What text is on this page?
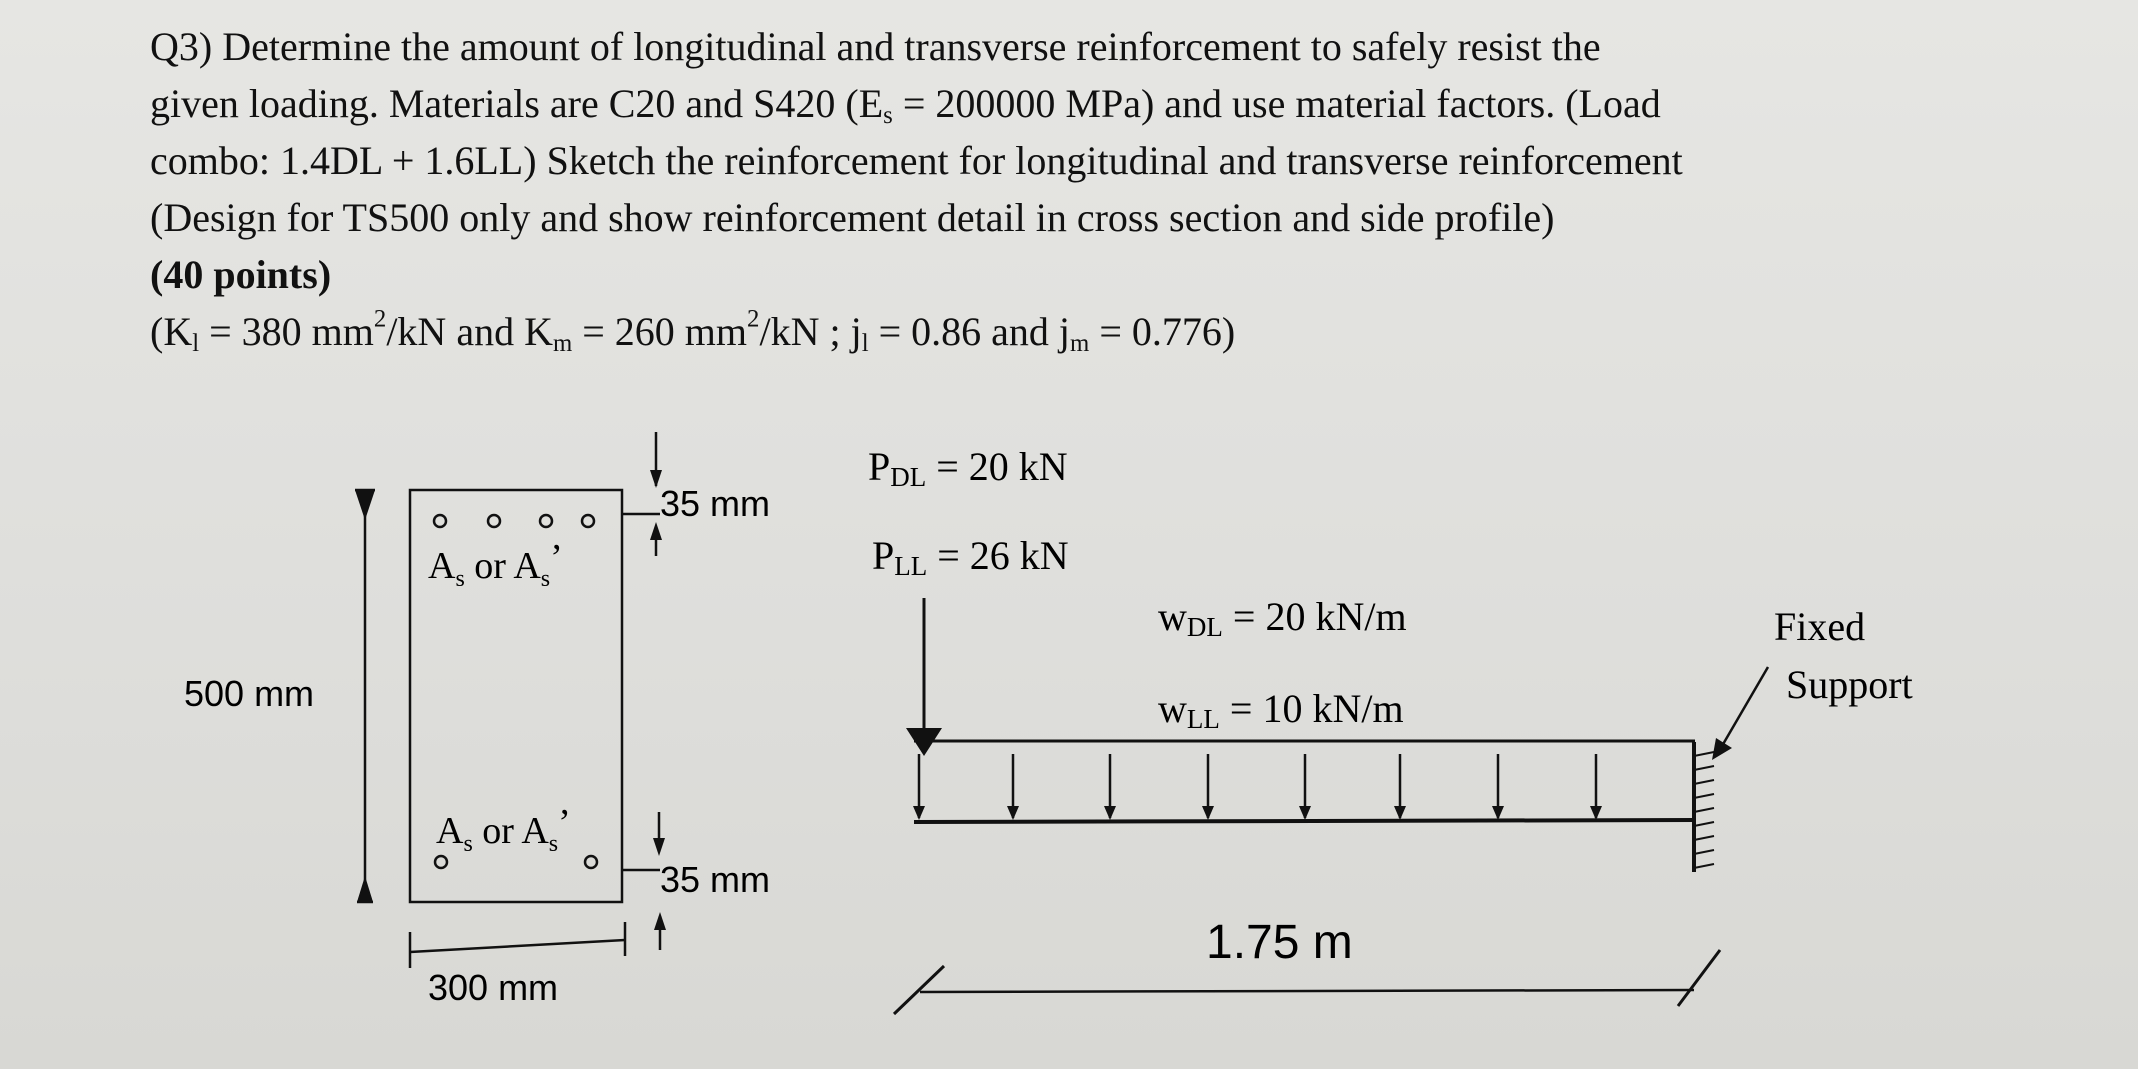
Q3) Determine the amount of longitudinal and transverse reinforcement to safely resist the
given loading. Materials are C20 and S420 ($E_s = 200000$ MPa) and use material factors. (Load
combo: 1.4DL + 1.6LL) Sketch the reinforcement for longitudinal and transverse reinforcement
(Design for TS500 only and show reinforcement detail in cross section and side profile)
(40 points)
($K_l = 380$ $mm^2/kN$ and $K_m = 260$ $mm^2/kN$ ; $j_l = 0.86$ and $j_m = 0.776$)
$A_s$ or $A_s$’
$A_s$ or $A_s$’
500 mm
300 mm
35 mm
35 mm
PDL = 20 kN
PLL = 26 kN
wDL = 20 kN/m
wLL = 10 kN/m
Fixed
Support
1.75 m
